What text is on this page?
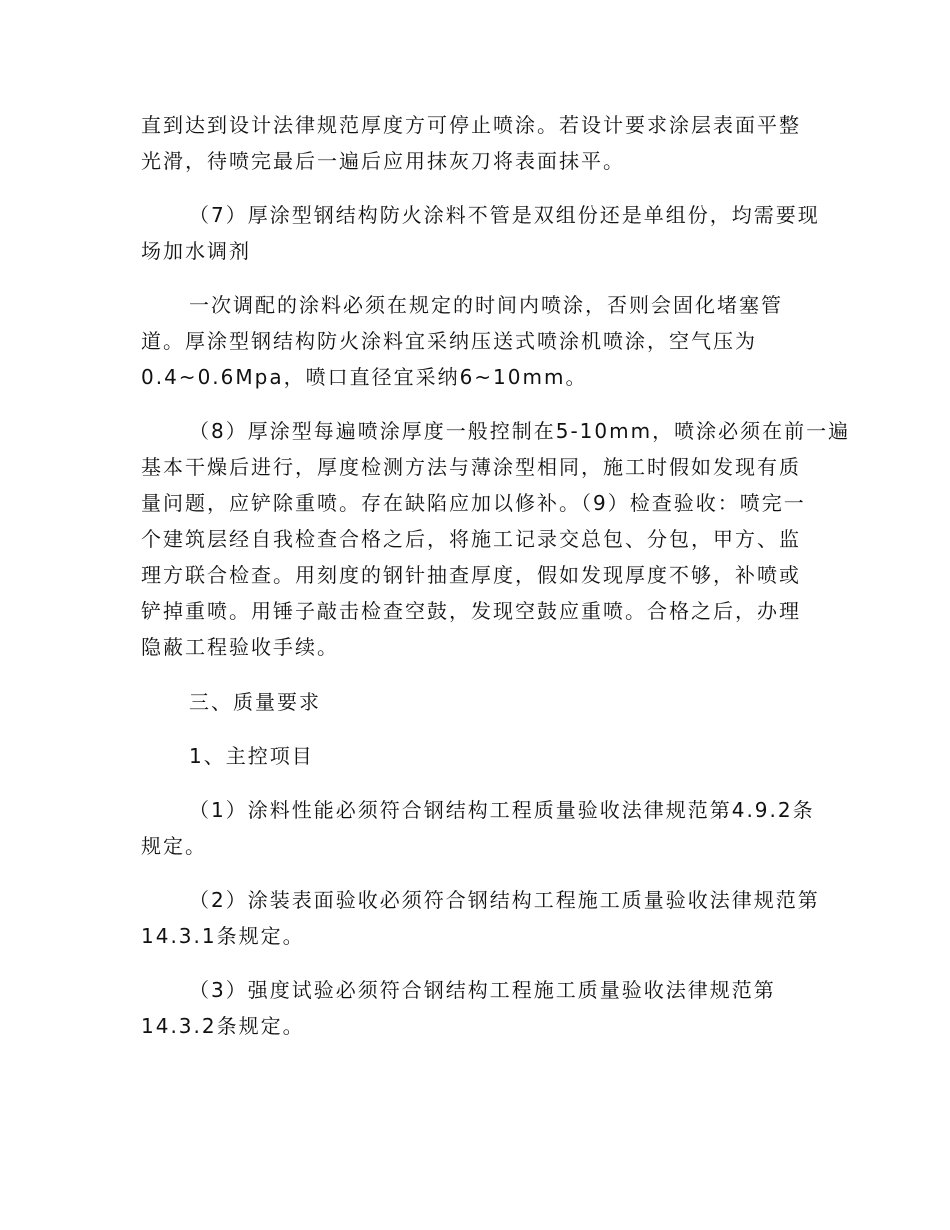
直到达到设计法律规范厚度方可停止喷涂。若设计要求涂层表面平整
光滑，待喷完最后一遍后应用抹灰刀将表面抹平。
（7）厚涂型钢结构防火涂料不管是双组份还是单组份，均需要现
场加水调剂
一次调配的涂料必须在规定的时间内喷涂，否则会固化堵塞管
道。厚涂型钢结构防火涂料宜采纳压送式喷涂机喷涂，空气压为
0.4~0.6Mpa，喷口直径宜采纳6~10mm。
（8）厚涂型每遍喷涂厚度一般控制在5-10mm，喷涂必须在前一遍
基本干燥后进行，厚度检测方法与薄涂型相同，施工时假如发现有质
量问题，应铲除重喷。存在缺陷应加以修补。（9）检查验收：喷完一
个建筑层经自我检查合格之后，将施工记录交总包、分包，甲方、监
理方联合检查。用刻度的钢针抽查厚度，假如发现厚度不够，补喷或
铲掉重喷。用锤子敲击检查空鼓，发现空鼓应重喷。合格之后，办理
隐蔽工程验收手续。
三、质量要求
1、主控项目
（1）涂料性能必须符合钢结构工程质量验收法律规范第4.9.2条
规定。
（2）涂装表面验收必须符合钢结构工程施工质量验收法律规范第
14.3.1条规定。
（3）强度试验必须符合钢结构工程施工质量验收法律规范第
14.3.2条规定。
